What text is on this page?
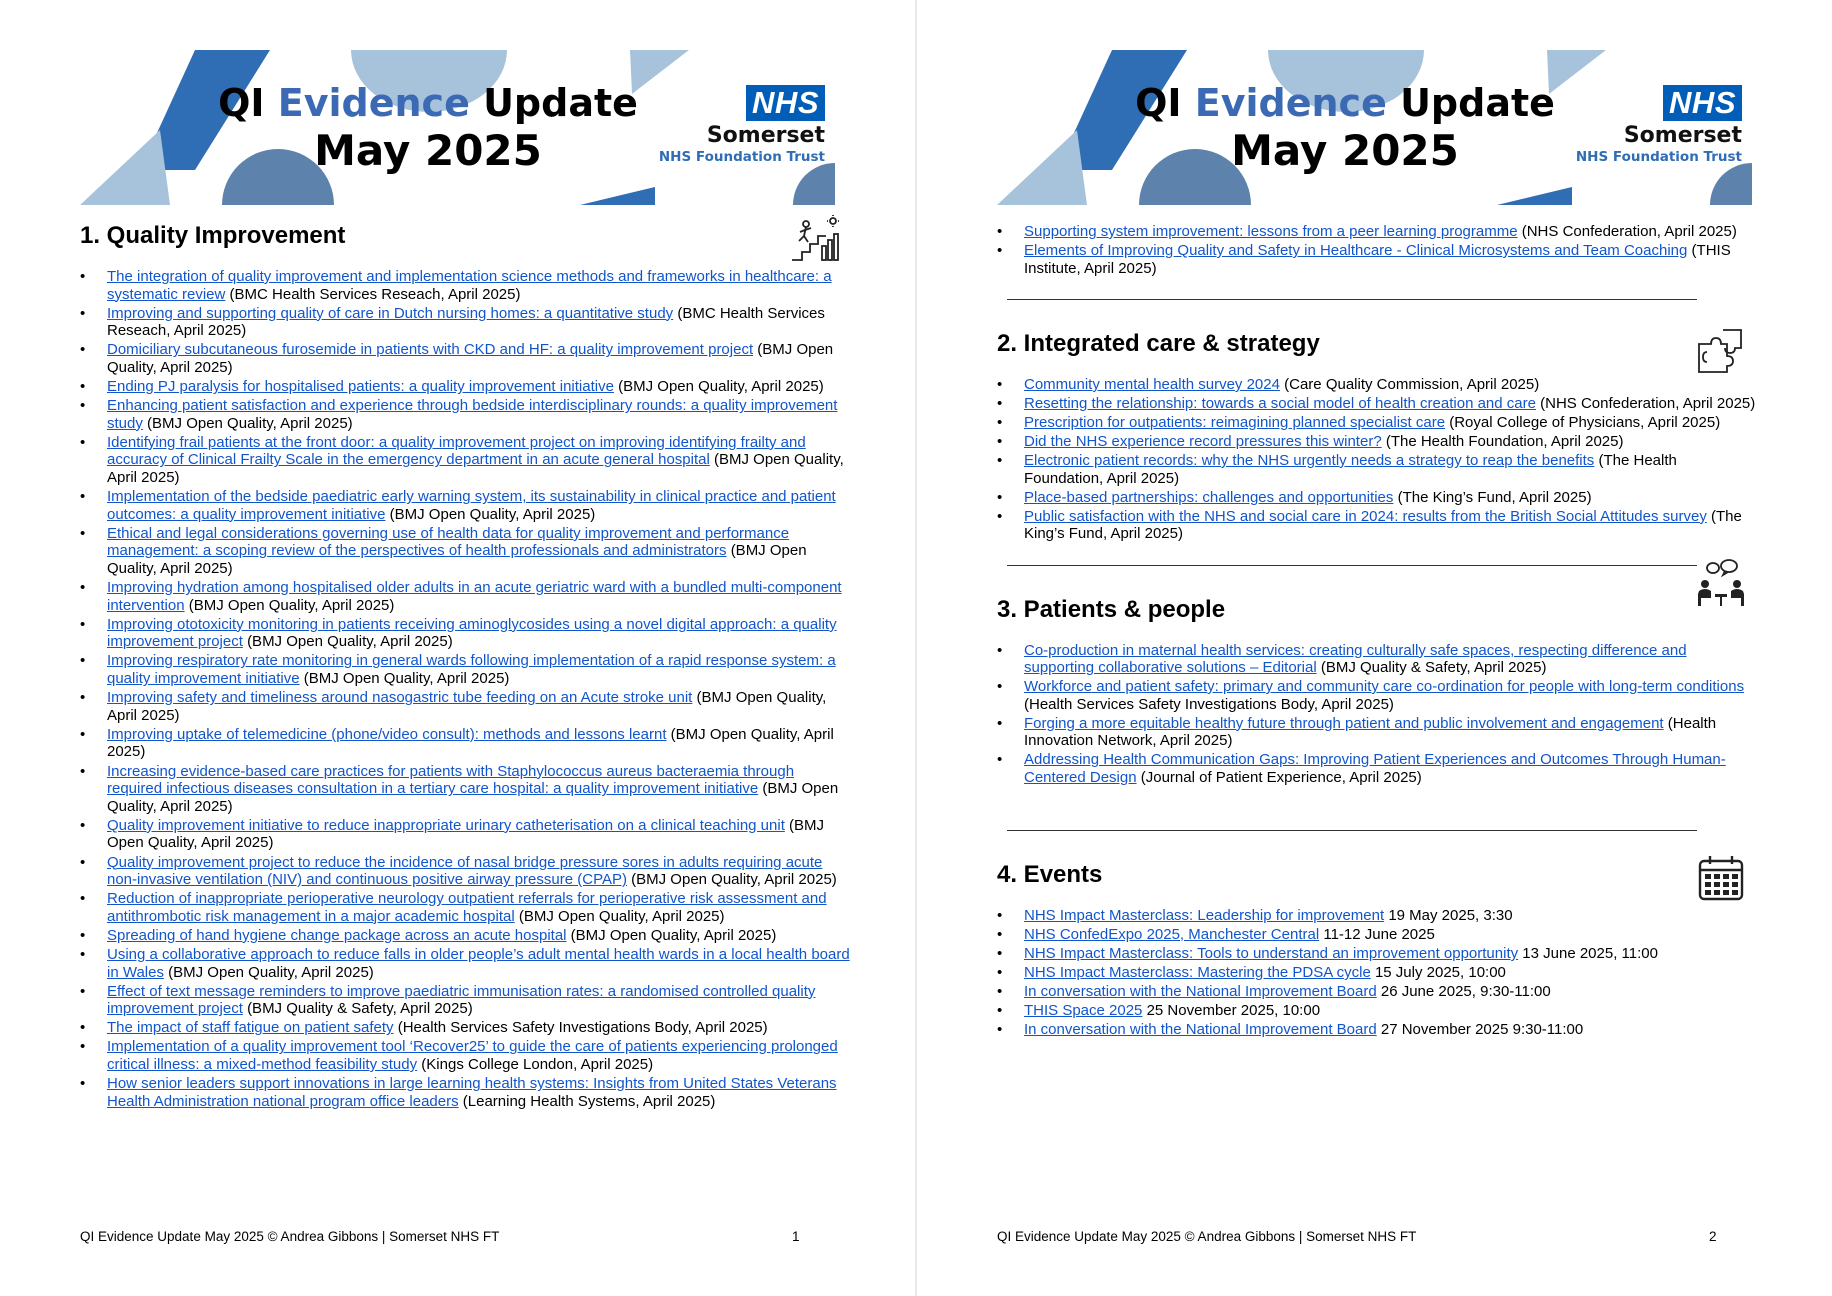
QI Evidence Update
May 2025
NHS
Somerset
NHS Foundation Trust
1. Quality Improvement
• The integration of quality improvement and implementation science methods and frameworks in healthcare: a systematic review (BMC Health Services Reseach, April 2025)
• Improving and supporting quality of care in Dutch nursing homes: a quantitative study (BMC Health Services Reseach, April 2025)
• Domiciliary subcutaneous furosemide in patients with CKD and HF: a quality improvement project (BMJ Open Quality, April 2025)
• Ending PJ paralysis for hospitalised patients: a quality improvement initiative (BMJ Open Quality, April 2025)
• Enhancing patient satisfaction and experience through bedside interdisciplinary rounds: a quality improvement study (BMJ Open Quality, April 2025)
• Identifying frail patients at the front door: a quality improvement project on improving identifying frailty and accuracy of Clinical Frailty Scale in the emergency department in an acute general hospital (BMJ Open Quality, April 2025)
• Implementation of the bedside paediatric early warning system, its sustainability in clinical practice and patient outcomes: a quality improvement initiative (BMJ Open Quality, April 2025)
• Ethical and legal considerations governing use of health data for quality improvement and performance management: a scoping review of the perspectives of health professionals and administrators (BMJ Open Quality, April 2025)
• Improving hydration among hospitalised older adults in an acute geriatric ward with a bundled multi-component intervention (BMJ Open Quality, April 2025)
• Improving ototoxicity monitoring in patients receiving aminoglycosides using a novel digital approach: a quality improvement project (BMJ Open Quality, April 2025)
• Improving respiratory rate monitoring in general wards following implementation of a rapid response system: a quality improvement initiative (BMJ Open Quality, April 2025)
• Improving safety and timeliness around nasogastric tube feeding on an Acute stroke unit (BMJ Open Quality, April 2025)
• Improving uptake of telemedicine (phone/video consult): methods and lessons learnt (BMJ Open Quality, April 2025)
• Increasing evidence-based care practices for patients with Staphylococcus aureus bacteraemia through required infectious diseases consultation in a tertiary care hospital: a quality improvement initiative (BMJ Open Quality, April 2025)
• Quality improvement initiative to reduce inappropriate urinary catheterisation on a clinical teaching unit (BMJ Open Quality, April 2025)
• Quality improvement project to reduce the incidence of nasal bridge pressure sores in adults requiring acute non-invasive ventilation (NIV) and continuous positive airway pressure (CPAP) (BMJ Open Quality, April 2025)
• Reduction of inappropriate perioperative neurology outpatient referrals for perioperative risk assessment and antithrombotic risk management in a major academic hospital (BMJ Open Quality, April 2025)
• Spreading of hand hygiene change package across an acute hospital (BMJ Open Quality, April 2025)
• Using a collaborative approach to reduce falls in older people’s adult mental health wards in a local health board in Wales (BMJ Open Quality, April 2025)
• Effect of text message reminders to improve paediatric immunisation rates: a randomised controlled quality improvement project (BMJ Quality & Safety, April 2025)
• The impact of staff fatigue on patient safety (Health Services Safety Investigations Body, April 2025)
• Implementation of a quality improvement tool ‘Recover25’ to guide the care of patients experiencing prolonged critical illness: a mixed-method feasibility study (Kings College London, April 2025)
• How senior leaders support innovations in large learning health systems: Insights from United States Veterans Health Administration national program office leaders (Learning Health Systems, April 2025)
QI Evidence Update May 2025 © Andrea Gibbons | Somerset NHS FT	1
QI Evidence Update
May 2025
NHS
Somerset
NHS Foundation Trust
• Supporting system improvement: lessons from a peer learning programme (NHS Confederation, April 2025)
• Elements of Improving Quality and Safety in Healthcare - Clinical Microsystems and Team Coaching (THIS Institute, April 2025)
2. Integrated care & strategy
• Community mental health survey 2024 (Care Quality Commission, April 2025)
• Resetting the relationship: towards a social model of health creation and care (NHS Confederation, April 2025)
• Prescription for outpatients: reimagining planned specialist care (Royal College of Physicians, April 2025)
• Did the NHS experience record pressures this winter? (The Health Foundation, April 2025)
• Electronic patient records: why the NHS urgently needs a strategy to reap the benefits (The Health Foundation, April 2025)
• Place-based partnerships: challenges and opportunities (The King’s Fund, April 2025)
• Public satisfaction with the NHS and social care in 2024: results from the British Social Attitudes survey (The King’s Fund, April 2025)
3. Patients & people
• Co-production in maternal health services: creating culturally safe spaces, respecting difference and supporting collaborative solutions – Editorial (BMJ Quality & Safety, April 2025)
• Workforce and patient safety: primary and community care co-ordination for people with long-term conditions (Health Services Safety Investigations Body, April 2025)
• Forging a more equitable healthy future through patient and public involvement and engagement (Health Innovation Network, April 2025)
• Addressing Health Communication Gaps: Improving Patient Experiences and Outcomes Through Human-Centered Design (Journal of Patient Experience, April 2025)
4. Events
• NHS Impact Masterclass: Leadership for improvement 19 May 2025, 3:30
• NHS ConfedExpo 2025, Manchester Central 11-12 June 2025
• NHS Impact Masterclass: Tools to understand an improvement opportunity 13 June 2025, 11:00
• NHS Impact Masterclass: Mastering the PDSA cycle 15 July 2025, 10:00
• In conversation with the National Improvement Board 26 June 2025, 9:30-11:00
• THIS Space 2025 25 November 2025, 10:00
• In conversation with the National Improvement Board 27 November 2025 9:30-11:00
QI Evidence Update May 2025 © Andrea Gibbons | Somerset NHS FT	2
